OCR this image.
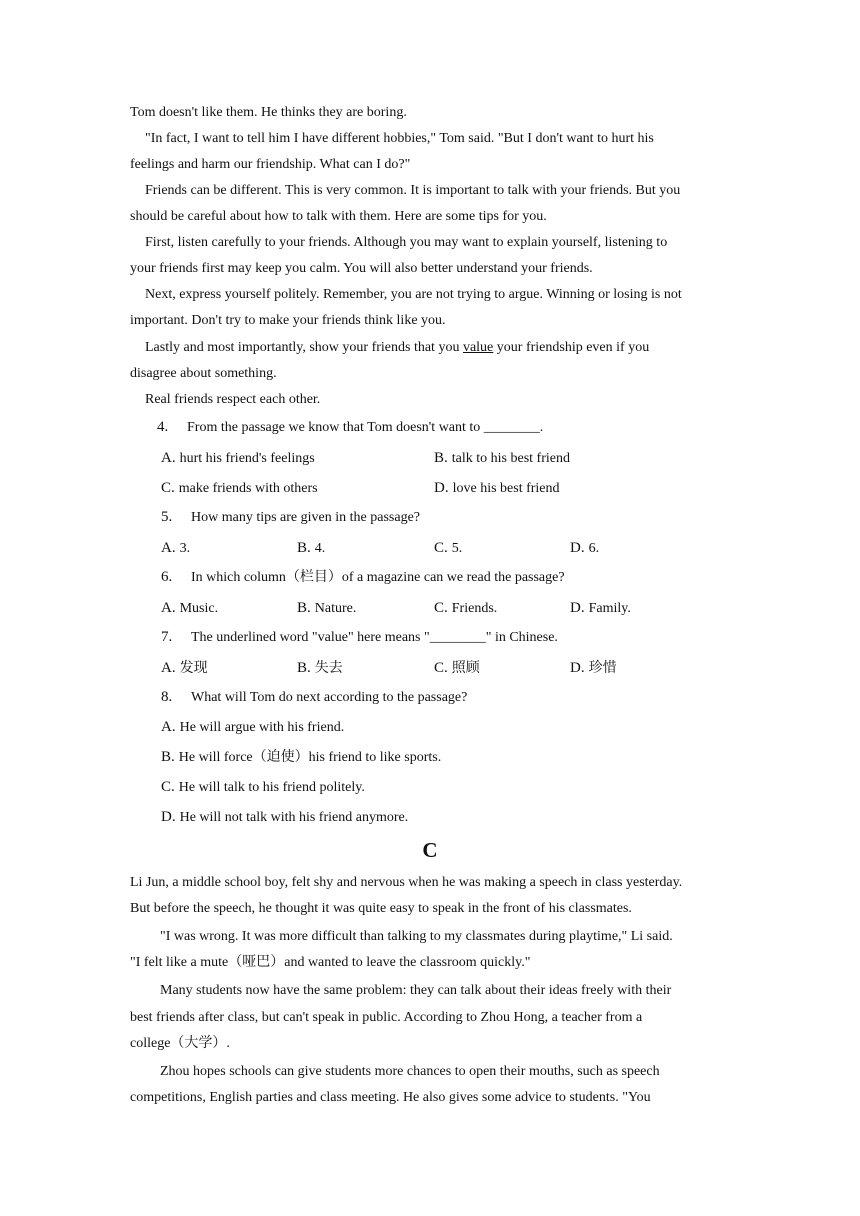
Tom doesn't like them. He thinks they are boring.
"In fact, I want to tell him I have different hobbies," Tom said. "But I don't want to hurt his
feelings and harm our friendship. What can I do?"
Friends can be different. This is very common. It is important to talk with your friends. But you
should be careful about how to talk with them. Here are some tips for you.
First, listen carefully to your friends. Although you may want to explain yourself, listening to
your friends first may keep you calm. You will also better understand your friends.
Next, express yourself politely. Remember, you are not trying to argue. Winning or losing is not
important. Don't try to make your friends think like you.
Lastly and most importantly, show your friends that you value your friendship even if you
disagree about something.
Real friends respect each other.
4. From the passage we know that Tom doesn't want to ________.
A. hurt his friend's feelings	B. talk to his best friend
C. make friends with others	D. love his best friend
5. How many tips are given in the passage?
A. 3.	B. 4.	C. 5.	D. 6.
6. In which column（栏目）of a magazine can we read the passage?
A. Music.	B. Nature.	C. Friends.	D. Family.
7. The underlined word "value" here means "________" in Chinese.
A. 发现	B. 失去	C. 照顾	D. 珍惜
8. What will Tom do next according to the passage?
A. He will argue with his friend.
B. He will force（迫使）his friend to like sports.
C. He will talk to his friend politely.
D. He will not talk with his friend anymore.
C
Li Jun, a middle school boy, felt shy and nervous when he was making a speech in class yesterday.
But before the speech, he thought it was quite easy to speak in the front of his classmates.
"I was wrong. It was more difficult than talking to my classmates during playtime," Li said.
"I felt like a mute（哑巴）and wanted to leave the classroom quickly."
Many students now have the same problem: they can talk about their ideas freely with their
best friends after class, but can't speak in public. According to Zhou Hong, a teacher from a
college（大学）.
Zhou hopes schools can give students more chances to open their mouths, such as speech
competitions, English parties and class meeting. He also gives some advice to students. "You
